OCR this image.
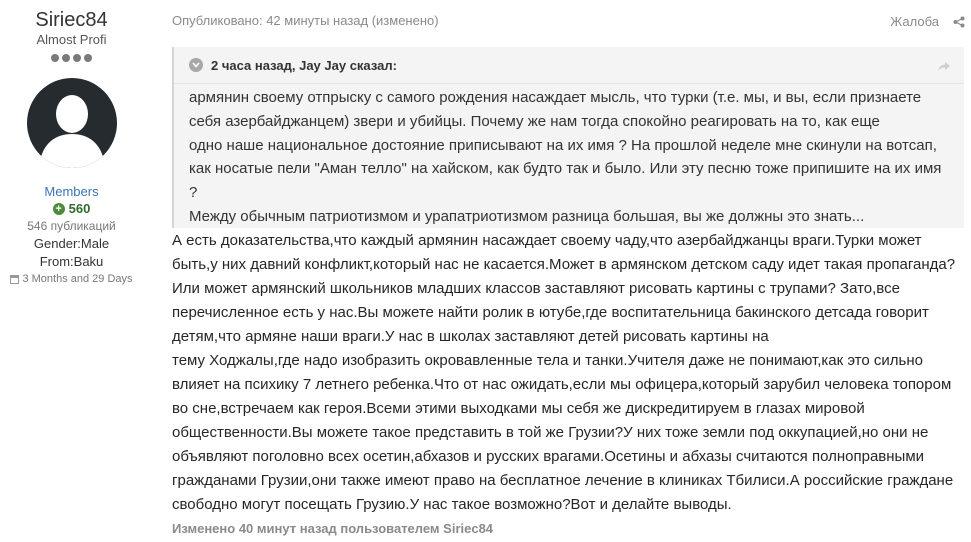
Siriec84
Almost Profi
Members
+ 560
546 публикаций
Gender:Male
From:Baku
3 Months and 29 Days
Опубликовано: 42 минуты назад (изменено)	Жалоба
2 часа назад, Jay Jay сказал:

армянин своему отпрыску с самого рождения насаждает мысль, что турки (т.е. мы, и вы, если признаете себя азербайджанцем) звери и убийцы. Почему же нам тогда спокойно реагировать на то, как еще

одно наше национальное достояние приписывают на их имя ? На прошлой неделе мне скинули на вотсап, как носатые пели "Аман телло" на хайском, как будто так и было. Или эту песню тоже припишите на их имя ?

Между обычным патриотизмом и урапатриотизмом разница большая, вы же должны это знать...

А есть доказательства,что каждый армянин насаждает своему чаду,что азербайджанцы враги.Турки может быть,у них давний конфликт,который нас не касается.Может в армянском детском саду идет такая пропаганда?Или может армянский школьников младших классов заставляют рисовать картины с трупами? Зато,все перечисленное есть у нас.Вы можете найти ролик в ютубе,где воспитательница бакинского детсада говорит детям,что армяне наши враги.У нас в школах заставляют детей рисовать картины на

тему Ходжалы,где надо изобразить окровавленные тела и танки.Учителя даже не понимают,как это сильно влияет на психику 7 летнего ребенка.Что от нас ожидать,если мы офицера,который зарубил человека топором во сне,встречаем как героя.Всеми этими выходками мы себя же дискредитируем в глазах мировой общественности.Вы можете такое представить в той же Грузии?У них тоже земли под оккупацией,но они не объявляют поголовно всех осетин,абхазов и русских врагами.Осетины и абхазы считаются полноправными гражданами Грузии,они также имеют право на бесплатное лечение в клиниках Тбилиси.А российские граждане свободно могут посещать Грузию.У нас такое возможно?Вот и делайте выводы.

Изменено 40 минут назад пользователем Siriec84
